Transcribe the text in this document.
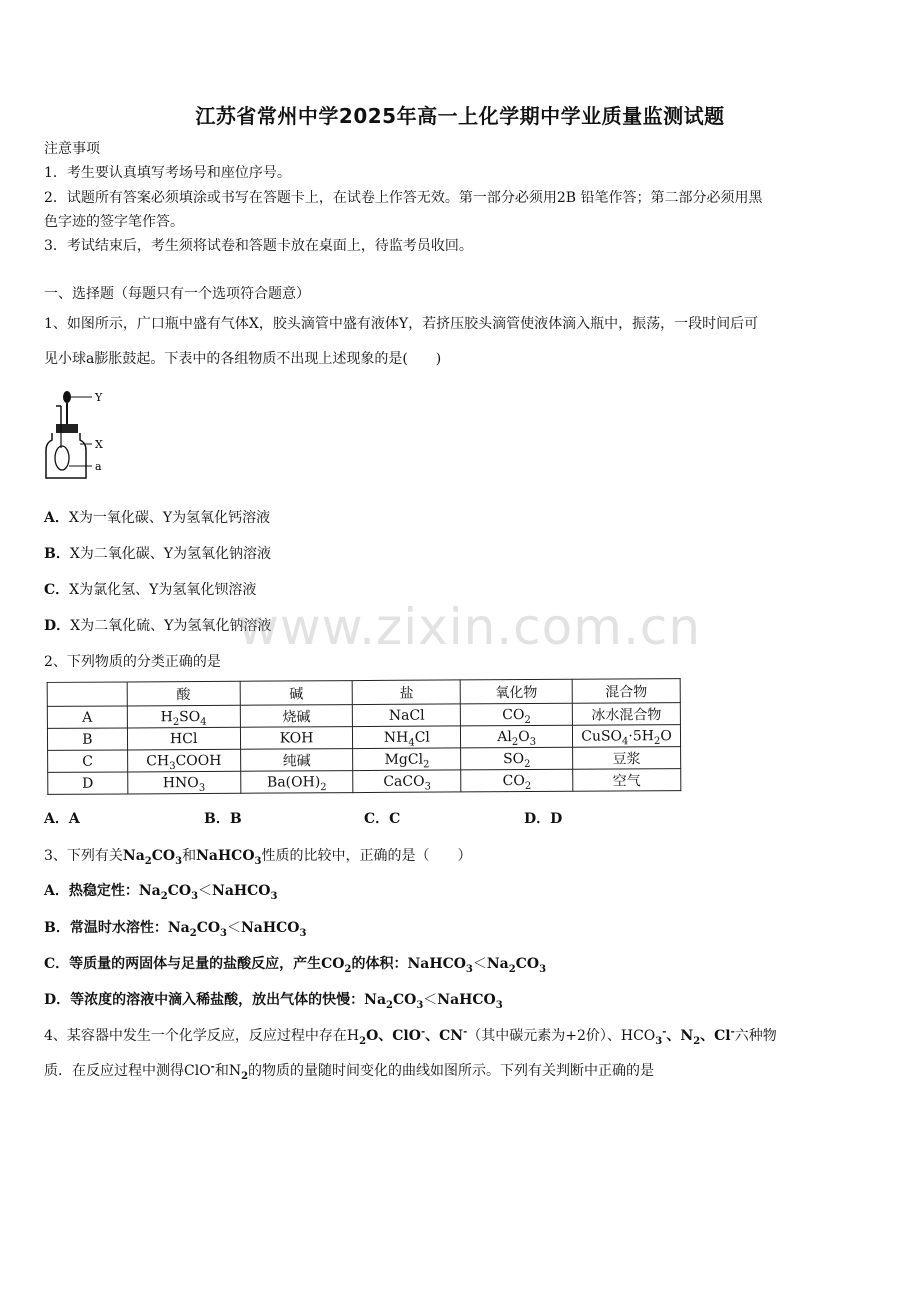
江苏省常州中学2025年高一上化学期中学业质量监测试题
注意事项
1．考生要认真填写考场号和座位序号。
2．试题所有答案必须填涂或书写在答题卡上，在试卷上作答无效。第一部分必须用2B 铅笔作答；第二部分必须用黑
色字迹的签字笔作答。
3．考试结束后，考生须将试卷和答题卡放在桌面上，待监考员收回。
一、选择题（每题只有一个选项符合题意）
1、如图所示，广口瓶中盛有气体X，胶头滴管中盛有液体Y，若挤压胶头滴管使液体滴入瓶中，振荡，一段时间后可
见小球a膨胀鼓起。下表中的各组物质不出现上述现象的是(　　)
Y
X
a
A．X为一氧化碳、Y为氢氧化钙溶液
B．X为二氧化碳、Y为氢氧化钠溶液
C．X为氯化氢、Y为氢氧化钡溶液
D．X为二氧化硫、Y为氢氧化钠溶液
www.zixin.com.cn
2、下列物质的分类正确的是
	酸	碱	盐	氧化物	混合物
A	$H_2SO_4$	烧碱	NaCl	$CO_2$	冰水混合物
B	HCl	KOH	$NH_4Cl$	$Al_2O_3$	$CuSO_4\cdot 5H_2O$
C	$CH_3COOH$	纯碱	MgCl$_2$	$SO_2$	豆浆
D	$HNO_3$	$Ba(OH)_2$	CaCO$_3$	$CO_2$	空气
A．A	B．B	C．C	D．D
3、下列有关$Na_2CO_3$和NaHCO$_3$性质的比较中，正确的是（　　）
A．热稳定性：$Na_2CO_3<NaHCO_3$
B．常温时水溶性：$Na_2CO_3<NaHCO_3$
C．等质量的两固体与足量的盐酸反应，产生$CO_2$的体积：$NaHCO_3<Na_2CO_3$
D．等浓度的溶液中滴入稀盐酸，放出气体的快慢：$Na_2CO_3<NaHCO_3$
4、某容器中发生一个化学反应，反应过程中存在$H_2O$、ClO-、CN-（其中碳元素为+2价）、$HCO_3^-$、$N_2$、Cl-六种物
质．在反应过程中测得ClO-和$N_2$的物质的量随时间变化的曲线如图所示。下列有关判断中正确的是
